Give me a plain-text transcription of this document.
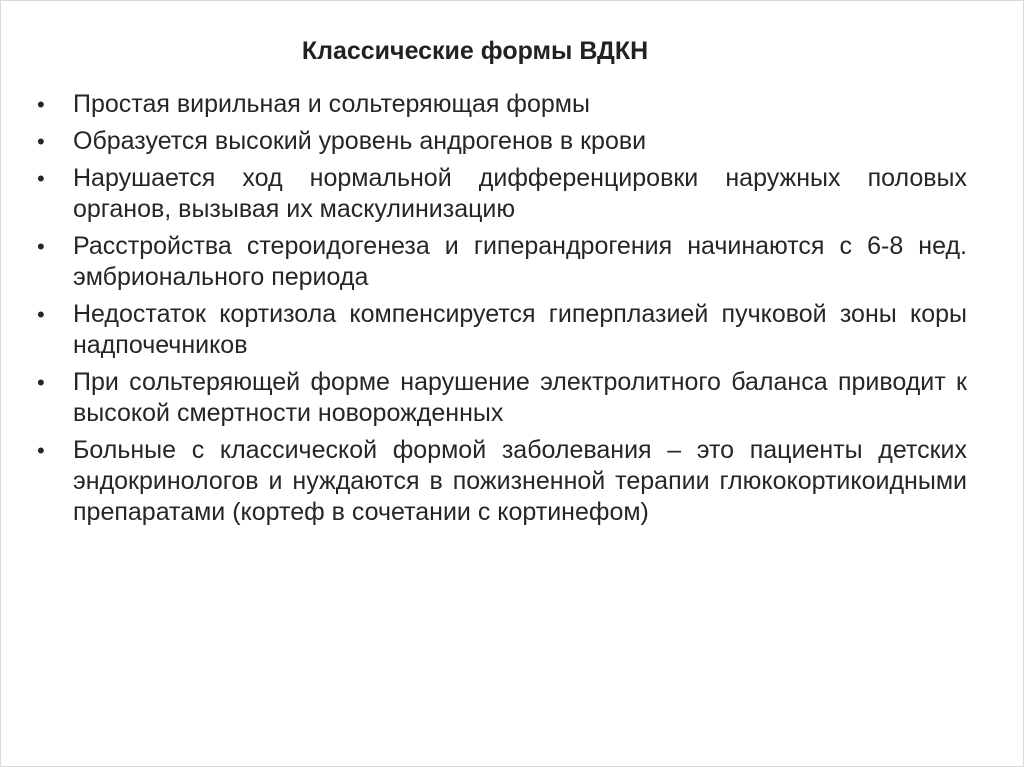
Классические формы ВДКН
•	Простая вирильная и сольтеряющая формы
•	Образуется высокий уровень андрогенов в крови
•	Нарушается ход нормальной дифференцировки наружных половых органов, вызывая их маскулинизацию
•	Расстройства стероидогенеза и гиперандрогения начинаются с 6-8 нед. эмбрионального периода
•	Недостаток кортизола компенсируется гиперплазией пучковой зоны коры надпочечников
•	При сольтеряющей форме нарушение электролитного баланса приводит к высокой смертности новорожденных
•	Больные с классической формой заболевания – это пациенты детских эндокринологов и нуждаются в пожизненной терапии глюкокортикоидными препаратами (кортеф в сочетании с кортинефом)
